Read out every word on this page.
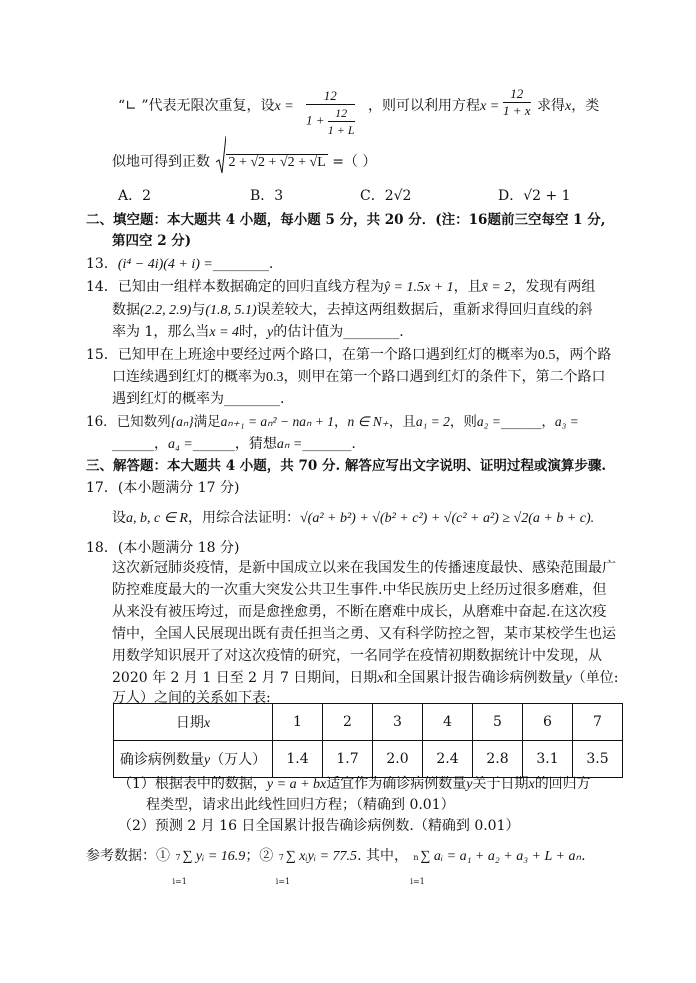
“∟ ”代表无限次重复，设$x = \frac{12}{1 + \frac{12}{1 + L}}$ ，则可以利用方程$x = \frac{12}{1 + x}$ 求得x，类
似地可得到正数 2 + √2 + √2 + √L =（ ）
A．2	B．3	C．2√2	D．√2 + 1
二、填空题：本大题共 4 小题，每小题 5 分，共 20 分．(注：16题前三空每空 1 分,
第四空 2 分)
13．(i⁴ − 4i)(4 + i) =________.
14．已知由一组样本数据确定的回归直线方程为ŷ = 1.5x + 1，且x̄ = 2，发现有两组
数据(2.2, 2.9)与(1.8, 5.1)误差较大，去掉这两组数据后，重新求得回归直线的斜
率为 1，那么当x = 4时，y的估计值为________.
15．已知甲在上班途中要经过两个路口，在第一个路口遇到红灯的概率为0.5，两个路
口连续遇到红灯的概率为0.3，则甲在第一个路口遇到红灯的条件下，第二个路口
遇到红灯的概率为________.
16．已知数列{aₙ}满足aₙ₊₁ = aₙ² − naₙ + 1，n ∈ N₊，且a₁ = 2，则a₂ =______，a₃ =
______，a₄ =______，猜想aₙ =_______.
三、解答题：本大题共 4 小题，共 70 分. 解答应写出文字说明、证明过程或演算步骤.
17．(本小题满分 17 分)
设a, b, c ∈ R，用综合法证明：√(a² + b²) + √(b² + c²) + √(c² + a²) ≥ √2(a + b + c).
18．(本小题满分 18 分)
这次新冠肺炎疫情，是新中国成立以来在我国发生的传播速度最快、感染范围最广
防控难度最大的一次重大突发公共卫生事件.中华民族历史上经历过很多磨难，但
从来没有被压垮过，而是愈挫愈勇，不断在磨难中成长，从磨难中奋起.在这次疫
情中，全国人民展现出既有责任担当之勇、又有科学防控之智，某市某校学生也运
用数学知识展开了对这次疫情的研究，一名同学在疫情初期数据统计中发现，从
2020 年 2 月 1 日至 2 月 7 日期间，日期x和全国累计报告确诊病例数量y（单位:
万人）之间的关系如下表:
日期x	1	2	3	4	5	6	7
确诊病例数量y（万人）	1.4	1.7	2.0	2.4	2.8	3.1	3.5
（1）根据表中的数据，y = a + bx适宜作为确诊病例数量y关于日期x的回归方
程类型，请求出此线性回归方程；（精确到 0.01）
（2）预测 2 月 16 日全国累计报告确诊病例数.（精确到 0.01）
参考数据：① 7
i=1
∑ yᵢ = 16.9；② 7
i=1
∑ xᵢyᵢ = 77.5. 其中， n
i=1
∑ aᵢ = a₁ + a₂ + a₃ + L + aₙ.
